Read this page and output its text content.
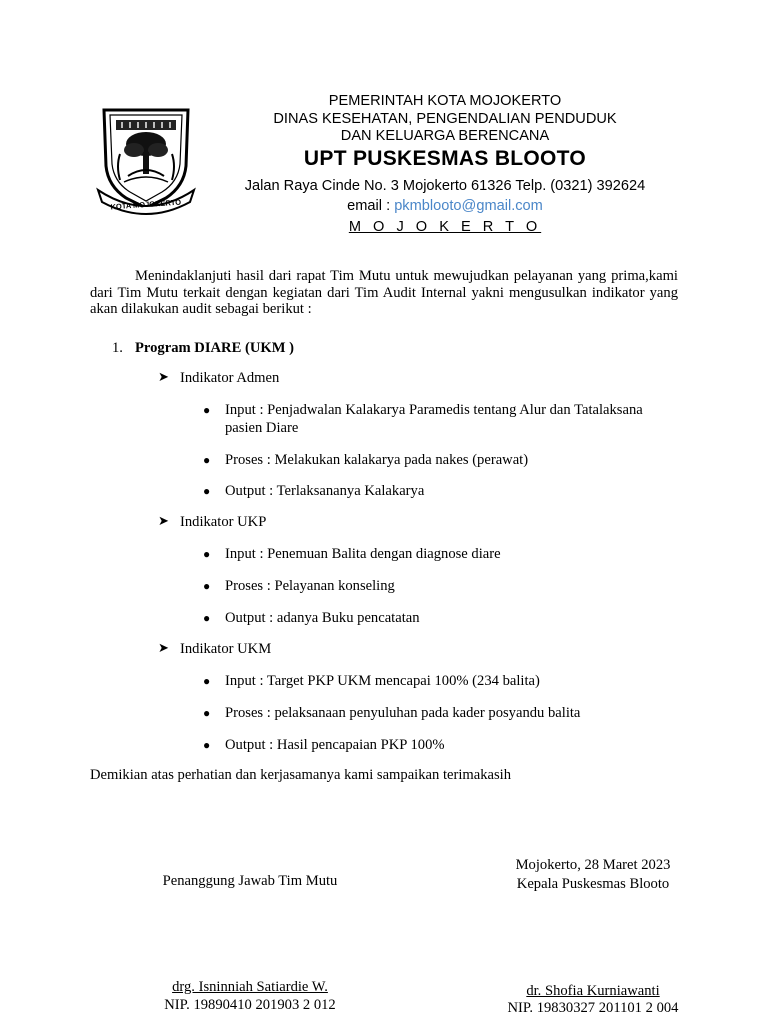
KOTA MOJOKERTO
PEMERINTAH KOTA MOJOKERTO
DINAS KESEHATAN, PENGENDALIAN PENDUDUK
DAN KELUARGA BERENCANA
UPT PUSKESMAS BLOOTO
Jalan Raya Cinde No. 3 Mojokerto 61326 Telp. (0321) 392624
email : pkmblooto@gmail.com
M O J O K E R T O
Menindaklanjuti hasil dari rapat Tim Mutu untuk mewujudkan pelayanan yang prima,kami dari Tim Mutu terkait dengan kegiatan dari Tim Audit Internal yakni mengusulkan indikator yang akan dilakukan audit sebagai berikut :
1. Program DIARE (UKM )
➤ Indikator Admen
● Input : Penjadwalan Kalakarya Paramedis tentang Alur dan Tatalaksana
pasien Diare
● Proses : Melakukan kalakarya pada nakes (perawat)
● Output : Terlaksananya Kalakarya
➤ Indikator UKP
● Input : Penemuan Balita dengan diagnose diare
● Proses : Pelayanan konseling
● Output : adanya Buku pencatatan
➤ Indikator UKM
● Input : Target PKP UKM mencapai 100% (234 balita)
● Proses : pelaksanaan penyuluhan pada kader posyandu balita
● Output : Hasil pencapaian PKP 100%
Demikian atas perhatian dan kerjasamanya kami sampaikan terimakasih
Mojokerto, 28 Maret 2023
Kepala Puskesmas Blooto
Penanggung Jawab Tim Mutu
drg. Isninniah Satiardie W.
NIP. 19890410 201903 2 012
dr. Shofia Kurniawanti
NIP. 19830327 201101 2 004
